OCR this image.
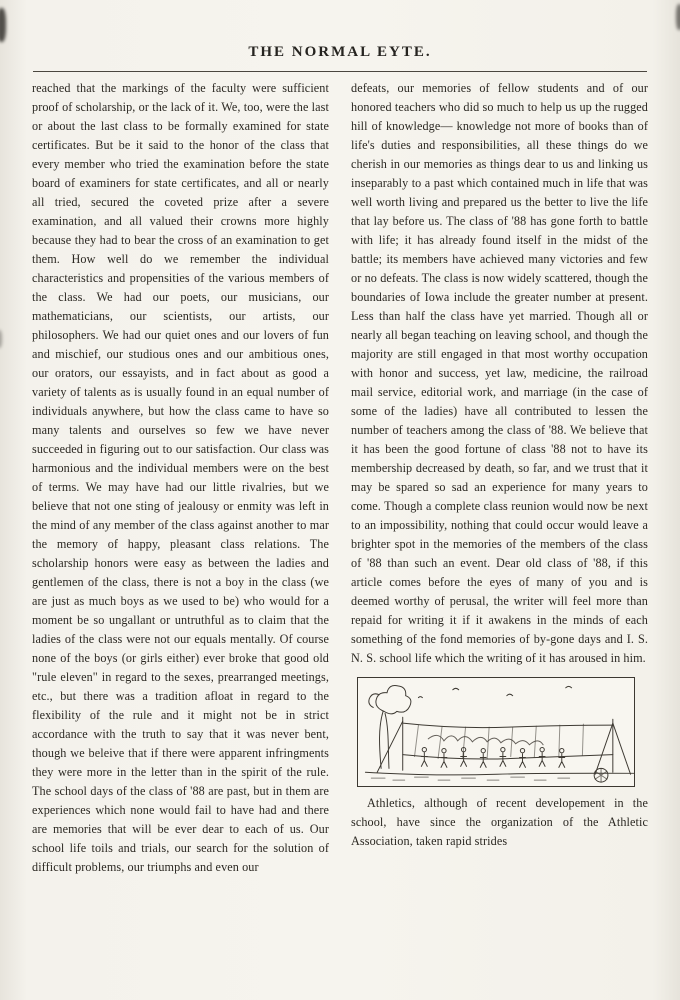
THE NORMAL EYTE.

reached that the markings of the faculty were sufficient proof of scholarship, or the lack of it. We, too, were the last or about the last class to be formally examined for state certificates. But be it said to the honor of the class that every member who tried the examination before the state board of examiners for state certificates, and all or nearly all tried, secured the coveted prize after a severe examination, and all valued their crowns more highly because they had to bear the cross of an examination to get them. How well do we remember the individual characteristics and propensities of the various members of the class. We had our poets, our musicians, our mathematicians, our scientists, our artists, our philosophers. We had our quiet ones and our lovers of fun and mischief, our studious ones and our ambitious ones, our orators, our essayists, and in fact about as good a variety of talents as is usually found in an equal number of individuals anywhere, but how the class came to have so many talents and ourselves so few we have never succeeded in figuring out to our satisfaction. Our class was harmonious and the individual members were on the best of terms. We may have had our little rivalries, but we believe that not one sting of jealousy or enmity was left in the mind of any member of the class against another to mar the memory of happy, pleasant class relations. The scholarship honors were easy as between the ladies and gentlemen of the class, there is not a boy in the class (we are just as much boys as we used to be) who would for a moment be so ungallant or untruthful as to claim that the ladies of the class were not our equals mentally. Of course none of the boys (or girls either) ever broke that good old "rule eleven" in regard to the sexes, prearranged meetings, etc., but there was a tradition afloat in regard to the flexibility of the rule and it might not be in strict accordance with the truth to say that it was never bent, though we beleive that if there were apparent infringments they were more in the letter than in the spirit of the rule. The school days of the class of '88 are past, but in them are experiences which none would fail to have had and there are memories that will be ever dear to each of us. Our school life toils and trials, our search for the solution of difficult problems, our triumphs and even our

defeats, our memories of fellow students and of our honored teachers who did so much to help us up the rugged hill of knowledge— knowledge not more of books than of life's duties and responsibilities, all these things do we cherish in our memories as things dear to us and linking us inseparably to a past which contained much in life that was well worth living and prepared us the better to live the life that lay before us. The class of '88 has gone forth to battle with life; it has already found itself in the midst of the battle; its members have achieved many victories and few or no defeats. The class is now widely scattered, though the boundaries of Iowa include the greater number at present. Less than half the class have yet married. Though all or nearly all began teaching on leaving school, and though the majority are still engaged in that most worthy occupation with honor and success, yet law, medicine, the railroad mail service, editorial work, and marriage (in the case of some of the ladies) have all contributed to lessen the number of teachers among the class of '88. We believe that it has been the good fortune of class '88 not to have its membership decreased by death, so far, and we trust that it may be spared so sad an experience for many years to come. Though a complete class reunion would now be next to an impossibility, nothing that could occur would leave a brighter spot in the memories of the members of the class of '88 than such an event. Dear old class of '88, if this article comes before the eyes of many of you and is deemed worthy of perusal, the writer will feel more than repaid for writing it if it awakens in the minds of each something of the fond memories of by-gone days and I. S. N. S. school life which the writing of it has aroused in him.

Athletics, although of recent developement in the school, have since the organization of the Athletic Association, taken rapid strides
